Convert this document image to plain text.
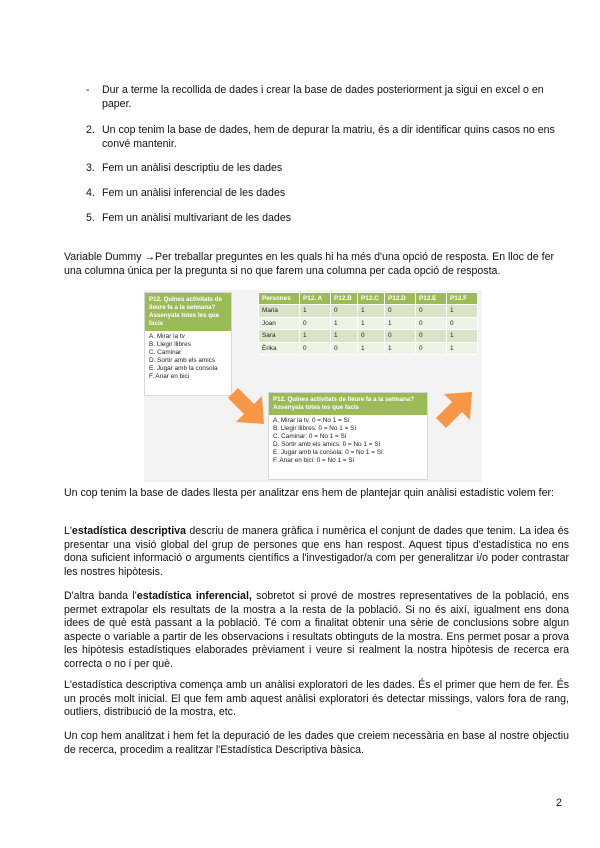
-	Dur a terme la recollida de dades i crear la base de dades posteriorment ja sigui en excel o en paper.
2. Un cop tenim la base de dades, hem de depurar la matriu, és a dir identificar quins casos no ens convé mantenir.
3. Fem un anàlisi descriptiu de les dades
4. Fem un anàlisi inferencial de les dades
5. Fem un anàlisi multivariant de les dades
Variable Dummy →Per treballar preguntes en les quals hi ha més d'una opció de resposta. En lloc de fer una columna única per la pregunta si no que farem una columna per cada opció de resposta.
P12. Quines activitats de lleure fa a la setmana? Assenyala totes les que facis
A. Mirar la tv
B. Llegir llibres
C. Caminar
D. Sortir amb els amics
E. Jugar amb la consola
F. Anar en bici
Persones	P12. A	P12.B	P12.C	P12.D	P12.E	P12.F
Maria	1	0	1	0	0	1
Joan	0	1	1	1	0	0
Sara	1	1	0	0	0	1
Èrika	0	0	1	1	0	1
P12. Quines activitats de lleure fa a la setmana? Assenyala totes les que facis
A. Mirar la tv. 0 = No 1 = Sí
B. Llegir llibres: 0 = No 1 = Sí
C. Caminar: 0 = No 1 = Sí
D. Sortir amb els amics: 0 = No 1 = Sí
E. Jugar amb la consola: 0 = No 1 = Sí
F. Anar en bici: 0 = No 1 = Sí
Un cop tenim la base de dades llesta per analitzar ens hem de plantejar quin anàlisi estadístic volem fer:
L'estadística descriptiva descriu de manera gràfica i numèrica el conjunt de dades que tenim. La idea és presentar una visió global del grup de persones que ens han respost. Aquest tipus d'estadística no ens dona suficient informació o arguments científics a l'investigador/a com per generalitzar i/o poder contrastar les nostres hipòtesis.
D'altra banda l'estadística inferencial, sobretot si prové de mostres representatives de la població, ens permet extrapolar els resultats de la mostra a la resta de la població. Si no és així, igualment ens dona idees de què està passant a la població. Té com a finalitat obtenir una sèrie de conclusions sobre algun aspecte o variable a partir de les observacions i resultats obtinguts de la mostra. Ens permet posar a prova les hipòtesis estadístiques elaborades prèviament i veure si realment la nostra hipòtesis de recerca era correcta o no i per què.
L'estadística descriptiva comença amb un anàlisi exploratori de les dades. És el primer que hem de fer. És un procés molt inicial. El que fem amb aquest anàlisi exploratori és detectar missings, valors fora de rang, outliers, distribució de la mostra, etc.
Un cop hem analitzat i hem fet la depuració de les dades que creiem necessària en base al nostre objectiu de recerca, procedim a realitzar l'Estadística Descriptiva bàsica.
2
